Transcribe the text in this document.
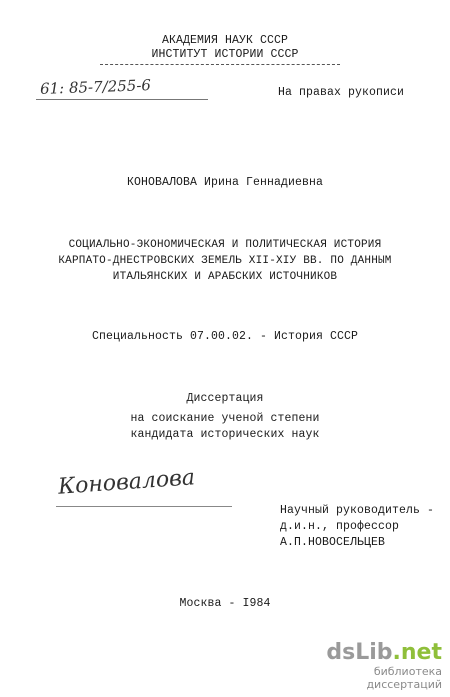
АКАДЕМИЯ НАУК СССР
ИНСТИТУТ ИСТОРИИ СССР
61: 85-7/255-6	На правах рукописи
КОНОВАЛОВА Ирина Геннадиевна
СОЦИАЛЬНО-ЭКОНОМИЧЕСКАЯ И ПОЛИТИЧЕСКАЯ ИСТОРИЯ
КАРПАТО-ДНЕСТРОВСКИХ ЗЕМЕЛЬ XII-XIУ ВВ. ПО ДАННЫМ
ИТАЛЬЯНСКИХ И АРАБСКИХ ИСТОЧНИКОВ
Специальность 07.00.02. - История СССР
Диссертация
на соискание ученой степени
кандидата исторических наук
Коновалова
Научный руководитель -
д.и.н., профессор
А.П.НОВОСЕЛЬЦЕВ
Москва - I984
dsLib.net
библиотека диссертаций
